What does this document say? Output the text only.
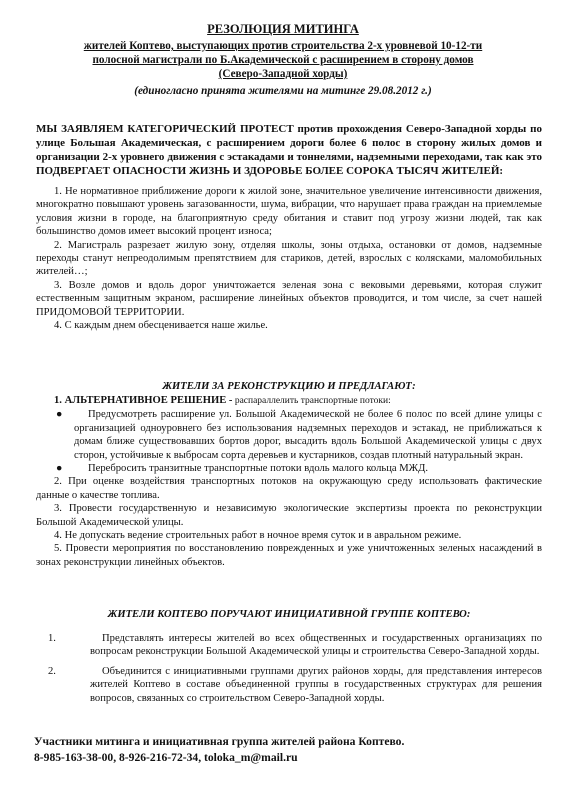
РЕЗОЛЮЦИЯ МИТИНГА
жителей Коптево, выступающих против строительства 2-х уровневой 10-12-ти
полосной магистрали по Б.Академической с расширением в сторону домов
(Северо-Западной хорды)
(единогласно принята жителями на митинге 29.08.2012 г.)
МЫ ЗАЯВЛЯЕМ КАТЕГОРИЧЕСКИЙ ПРОТЕСТ против прохождения Северо-Западной хорды по улице Большая Академическая, с расширением дороги более 6 полос в сторону жилых домов и организации 2-х уровнего движения с эстакадами и тоннелями, надземными переходами, так как это ПОДВЕРГАЕТ ОПАСНОСТИ ЖИЗНЬ И ЗДОРОВЬЕ БОЛЕЕ СОРОКА ТЫСЯЧ ЖИТЕЛЕЙ:
1. Не нормативное приближение дороги к жилой зоне, значительное увеличение интенсивности движения, многократно повышают уровень загазованности, шума, вибрации, что нарушает права граждан на приемлемые условия жизни в городе, на благоприятную среду обитания и ставит под угрозу жизни людей, так как большинство домов имеет высокий процент износа;
2. Магистраль разрезает жилую зону, отделяя школы, зоны отдыха, остановки от домов, надземные переходы станут непреодолимым препятствием для стариков, детей, взрослых с колясками, маломобильных жителей…;
3. Возле домов и вдоль дорог уничтожается зеленая зона с вековыми деревьями, которая служит естественным защитным экраном, расширение линейных объектов проводится, и том числе, за счет нашей ПРИДОМОВОЙ ТЕРРИТОРИИ.
4. С каждым днем обесценивается наше жилье.
ЖИТЕЛИ ЗА РЕКОНСТРУКЦИЮ И ПРЕДЛАГАЮТ:
1. АЛЬТЕРНАТИВНОЕ РЕШЕНИЕ - распараллелить транспортные потоки:
●	Предусмотреть расширение ул. Большой Академической не более 6 полос по всей длине улицы с организацией одноуровнего без использования надземных переходов и эстакад, не приближаться к домам ближе существовавших бортов дорог, высадить вдоль Большой Академической улицы с двух сторон, устойчивые к выбросам сорта деревьев и кустарников, создав плотный натуральный экран.
●	Перебросить транзитные транспортные потоки вдоль малого кольца МЖД.
2. При оценке воздействия транспортных потоков на окружающую среду использовать фактические данные о качестве топлива.
3. Провести государственную и независимую экологические экспертизы проекта по реконструкции Большой Академической улицы.
4. Не допускать ведение строительных работ в ночное время суток и в авральном режиме.
5. Провести мероприятия по восстановлению поврежденных и уже уничтоженных зеленых насаждений в зонах реконструкции линейных объектов.
ЖИТЕЛИ КОПТЕВО ПОРУЧАЮТ ИНИЦИАТИВНОЙ ГРУППЕ КОПТЕВО:
1.	Представлять интересы жителей во всех общественных и государственных организациях по вопросам реконструкции Большой Академической улицы и строительства Северо-Западной хорды.
2.	Объединится с инициативными группами других районов хорды, для представления интересов жителей Коптево в составе объединенной группы в государственных структурах для решения вопросов, связанных со строительством Северо-Западной хорды.
Участники митинга и инициативная группа жителей района Коптево.
8-985-163-38-00, 8-926-216-72-34, toloka_m@mail.ru
